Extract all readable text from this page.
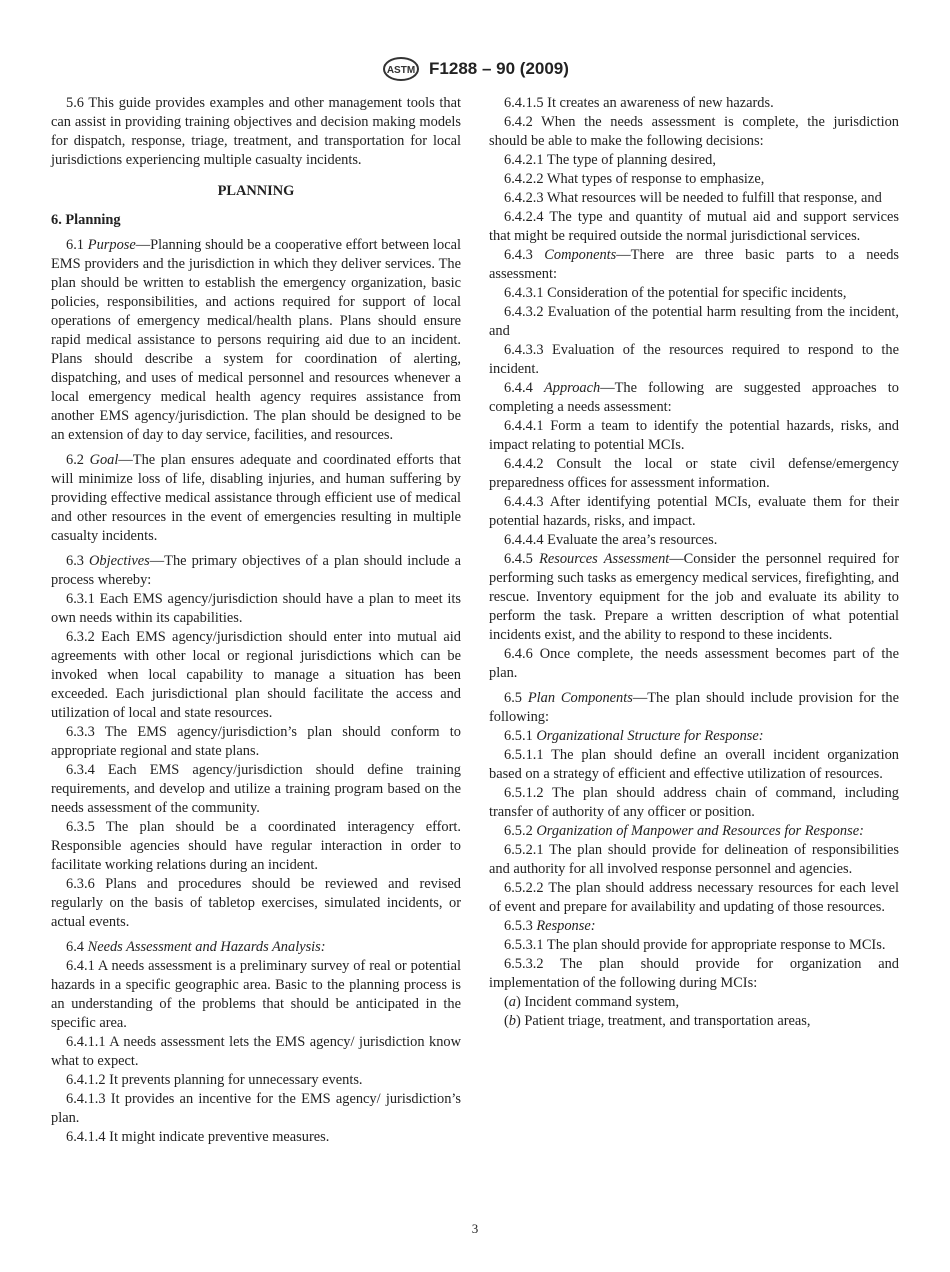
ASTM F1288 – 90 (2009)

5.6 This guide provides examples and other management tools that can assist in providing training objectives and decision making models for dispatch, response, triage, treatment, and transportation for local jurisdictions experiencing multiple casualty incidents.

PLANNING

6. Planning

6.1 Purpose—Planning should be a cooperative effort between local EMS providers and the jurisdiction in which they deliver services. The plan should be written to establish the emergency organization, basic policies, responsibilities, and actions required for support of local operations of emergency medical/health plans. Plans should ensure rapid medical assistance to persons requiring aid due to an incident. Plans should describe a system for coordination of alerting, dispatching, and uses of medical personnel and resources whenever a local emergency medical health agency requires assistance from another EMS agency/jurisdiction. The plan should be designed to be an extension of day to day service, facilities, and resources.

6.2 Goal—The plan ensures adequate and coordinated efforts that will minimize loss of life, disabling injuries, and human suffering by providing effective medical assistance through efficient use of medical and other resources in the event of emergencies resulting in multiple casualty incidents.

6.3 Objectives—The primary objectives of a plan should include a process whereby:

6.3.1 Each EMS agency/jurisdiction should have a plan to meet its own needs within its capabilities.

6.3.2 Each EMS agency/jurisdiction should enter into mutual aid agreements with other local or regional jurisdictions which can be invoked when local capability to manage a situation has been exceeded. Each jurisdictional plan should facilitate the access and utilization of local and state resources.

6.3.3 The EMS agency/jurisdiction’s plan should conform to appropriate regional and state plans.

6.3.4 Each EMS agency/jurisdiction should define training requirements, and develop and utilize a training program based on the needs assessment of the community.

6.3.5 The plan should be a coordinated interagency effort. Responsible agencies should have regular interaction in order to facilitate working relations during an incident.

6.3.6 Plans and procedures should be reviewed and revised regularly on the basis of tabletop exercises, simulated incidents, or actual events.

6.4 Needs Assessment and Hazards Analysis:

6.4.1 A needs assessment is a preliminary survey of real or potential hazards in a specific geographic area. Basic to the planning process is an understanding of the problems that should be anticipated in the specific area.

6.4.1.1 A needs assessment lets the EMS agency/ jurisdiction know what to expect.

6.4.1.2 It prevents planning for unnecessary events.

6.4.1.3 It provides an incentive for the EMS agency/ jurisdiction’s plan.

6.4.1.4 It might indicate preventive measures.

6.4.1.5 It creates an awareness of new hazards.

6.4.2 When the needs assessment is complete, the jurisdiction should be able to make the following decisions:

6.4.2.1 The type of planning desired,

6.4.2.2 What types of response to emphasize,

6.4.2.3 What resources will be needed to fulfill that response, and

6.4.2.4 The type and quantity of mutual aid and support services that might be required outside the normal jurisdictional services.

6.4.3 Components—There are three basic parts to a needs assessment:

6.4.3.1 Consideration of the potential for specific incidents,

6.4.3.2 Evaluation of the potential harm resulting from the incident, and

6.4.3.3 Evaluation of the resources required to respond to the incident.

6.4.4 Approach—The following are suggested approaches to completing a needs assessment:

6.4.4.1 Form a team to identify the potential hazards, risks, and impact relating to potential MCIs.

6.4.4.2 Consult the local or state civil defense/emergency preparedness offices for assessment information.

6.4.4.3 After identifying potential MCIs, evaluate them for their potential hazards, risks, and impact.

6.4.4.4 Evaluate the area’s resources.

6.4.5 Resources Assessment—Consider the personnel required for performing such tasks as emergency medical services, firefighting, and rescue. Inventory equipment for the job and evaluate its ability to perform the task. Prepare a written description of what potential incidents exist, and the ability to respond to these incidents.

6.4.6 Once complete, the needs assessment becomes part of the plan.

6.5 Plan Components—The plan should include provision for the following:

6.5.1 Organizational Structure for Response:

6.5.1.1 The plan should define an overall incident organization based on a strategy of efficient and effective utilization of resources.

6.5.1.2 The plan should address chain of command, including transfer of authority of any officer or position.

6.5.2 Organization of Manpower and Resources for Response:

6.5.2.1 The plan should provide for delineation of responsibilities and authority for all involved response personnel and agencies.

6.5.2.2 The plan should address necessary resources for each level of event and prepare for availability and updating of those resources.

6.5.3 Response:

6.5.3.1 The plan should provide for appropriate response to MCIs.

6.5.3.2 The plan should provide for organization and implementation of the following during MCIs:

(a) Incident command system,

(b) Patient triage, treatment, and transportation areas,

3
